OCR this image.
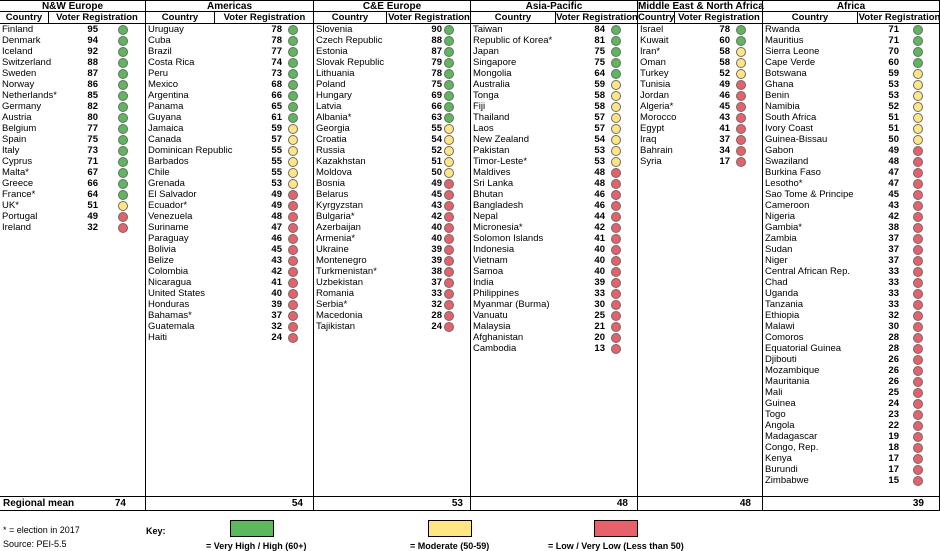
N&W Europe
Country	Voter Registration
Finland	95
Denmark	94
Iceland	92
Switzerland	88
Sweden	87
Norway	86
Netherlands*	85
Germany	82
Austria	80
Belgium	77
Spain	75
Italy	73
Cyprus	71
Malta*	67
Greece	66
France*	64
UK*	51
Portugal	49
Ireland	32
Americas
Country	Voter Registration
Uruguay	78
Cuba	78
Brazil	77
Costa Rica	74
Peru	73
Mexico	68
Argentina	66
Panama	65
Guyana	61
Jamaica	59
Canada	57
Dominican Republic	55
Barbados	55
Chile	55
Grenada	53
El Salvador	49
Ecuador*	49
Venezuela	48
Suriname	47
Paraguay	46
Bolivia	45
Belize	43
Colombia	42
Nicaragua	41
United States	40
Honduras	39
Bahamas*	37
Guatemala	32
Haiti	24
C&E Europe
Country	Voter Registration
Slovenia	90
Czech Republic	88
Estonia	87
Slovak Republic	79
Lithuania	78
Poland	75
Hungary	69
Latvia	66
Albania*	63
Georgia	55
Croatia	54
Russia	52
Kazakhstan	51
Moldova	50
Bosnia	49
Belarus	45
Kyrgyzstan	43
Bulgaria*	42
Azerbaijan	40
Armenia*	40
Ukraine	39
Montenegro	39
Turkmenistan*	38
Uzbekistan	37
Romania	33
Serbia*	32
Macedonia	28
Tajikistan	24
Asia-Pacific
Country	Voter Registration
Taiwan	84
Republic of Korea*	81
Japan	75
Singapore	75
Mongolia	64
Australia	59
Tonga	58
Fiji	58
Thailand	57
Laos	57
New Zealand	54
Pakistan	53
Timor-Leste*	53
Maldives	48
Sri Lanka	48
Bhutan	46
Bangladesh	46
Nepal	44
Micronesia*	42
Solomon Islands	41
Indonesia	40
Vietnam	40
Samoa	40
India	39
Philippines	33
Myanmar (Burma)	30
Vanuatu	25
Malaysia	21
Afghanistan	20
Cambodia	13
Middle East & North Africa
Country Voter Registration
Israel	78
Kuwait	60
Iran*	58
Oman	58
Turkey	52
Tunisia	49
Jordan	46
Algeria*	45
Morocco	43
Egypt	41
Iraq	37
Bahrain	34
Syria	17
Africa
Country	Voter Registration
Rwanda	71
Mauritius	71
Sierra Leone	70
Cape Verde	60
Botswana	59
Ghana	53
Benin	53
Namibia	52
South Africa	51
Ivory Coast	51
Guinea-Bissau	50
Gabon	49
Swaziland	48
Burkina Faso	47
Lesotho*	47
Sao Tome & Principe	45
Cameroon	43
Nigeria	42
Gambia*	38
Zambia	37
Sudan	37
Niger	37
Central African Rep.	33
Chad	33
Uganda	33
Tanzania	33
Ethiopia	32
Malawi	30
Comoros	28
Equatorial Guinea	28
Djibouti	26
Mozambique	26
Mauritania	26
Mali	25
Guinea	24
Togo	23
Angola	22
Madagascar	19
Congo, Rep.	18
Kenya	17
Burundi	17
Zimbabwe	15
Regional mean	74	54	53	48	48	39
* = election in 2017
Source: PEI-5.5
Key:
= Very High / High (60+)	= Moderate (50-59)	= Low / Very Low (Less than 50)
